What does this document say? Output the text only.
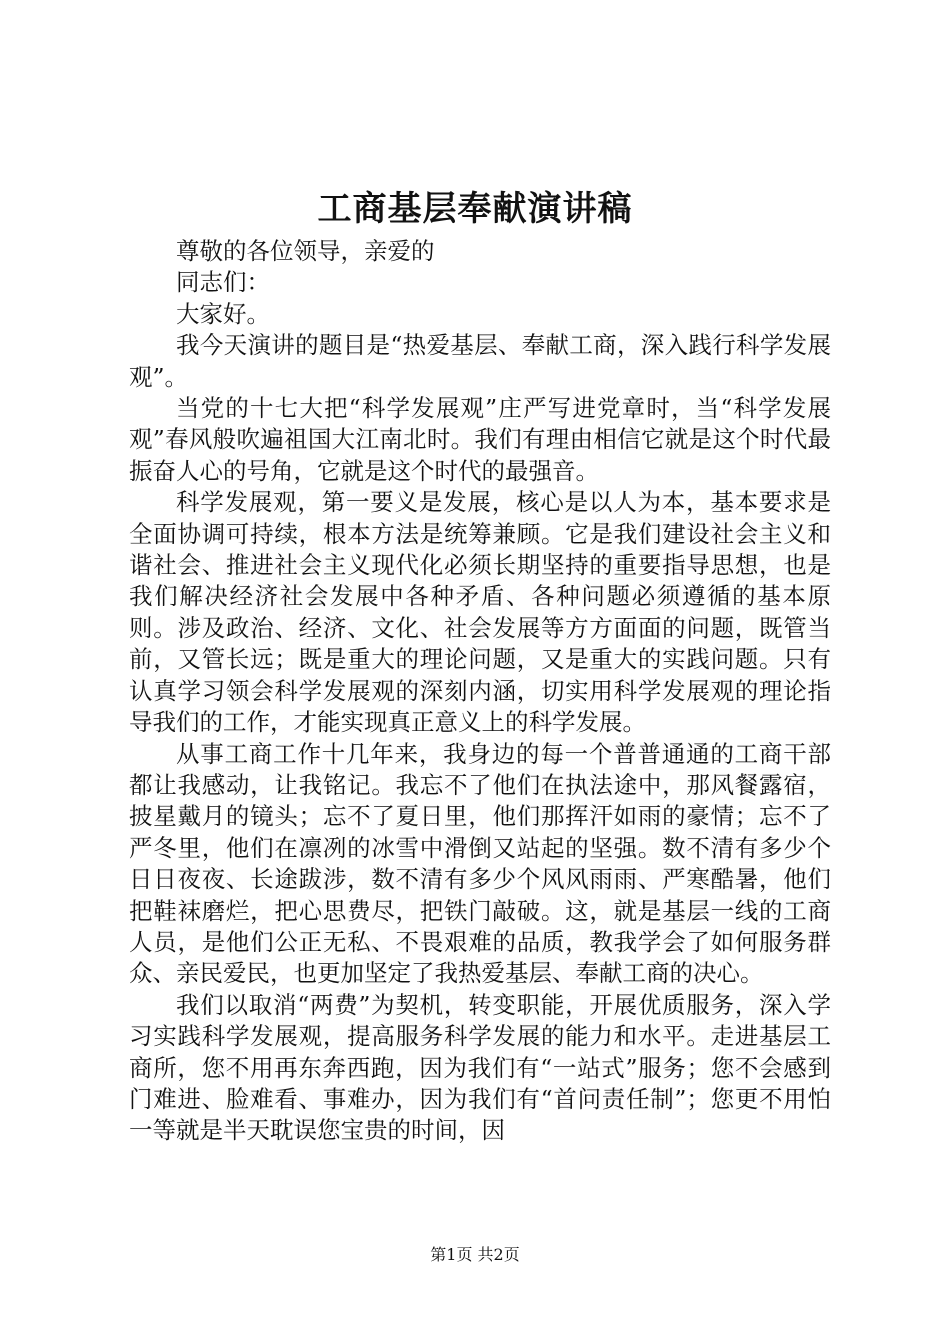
工商基层奉献演讲稿

尊敬的各位领导，亲爱的

同志们：

大家好。

我今天演讲的题目是“热爱基层、奉献工商，深入践行科学发展观”。

当党的十七大把“科学发展观”庄严写进党章时，当“科学发展观”春风般吹遍祖国大江南北时。我们有理由相信它就是这个时代最振奋人心的号角，它就是这个时代的最强音。

科学发展观，第一要义是发展，核心是以人为本，基本要求是全面协调可持续，根本方法是统筹兼顾。它是我们建设社会主义和谐社会、推进社会主义现代化必须长期坚持的重要指导思想，也是我们解决经济社会发展中各种矛盾、各种问题必须遵循的基本原则。涉及政治、经济、文化、社会发展等方方面面的问题，既管当前，又管长远；既是重大的理论问题，又是重大的实践问题。只有认真学习领会科学发展观的深刻内涵，切实用科学发展观的理论指导我们的工作，才能实现真正意义上的科学发展。

从事工商工作十几年来，我身边的每一个普普通通的工商干部都让我感动，让我铭记。我忘不了他们在执法途中，那风餐露宿，披星戴月的镜头；忘不了夏日里，他们那挥汗如雨的豪情；忘不了严冬里，他们在凛冽的冰雪中滑倒又站起的坚强。数不清有多少个日日夜夜、长途跋涉，数不清有多少个风风雨雨、严寒酷暑，他们把鞋袜磨烂，把心思费尽，把铁门敲破。这，就是基层一线的工商人员，是他们公正无私、不畏艰难的品质，教我学会了如何服务群众、亲民爱民，也更加坚定了我热爱基层、奉献工商的决心。

我们以取消“两费”为契机，转变职能，开展优质服务，深入学习实践科学发展观，提高服务科学发展的能力和水平。走进基层工商所，您不用再东奔西跑，因为我们有“一站式”服务；您不会感到门难进、脸难看、事难办，因为我们有“首问责任制”；您更不用怕一等就是半天耽误您宝贵的时间，因

第1页 共2页
